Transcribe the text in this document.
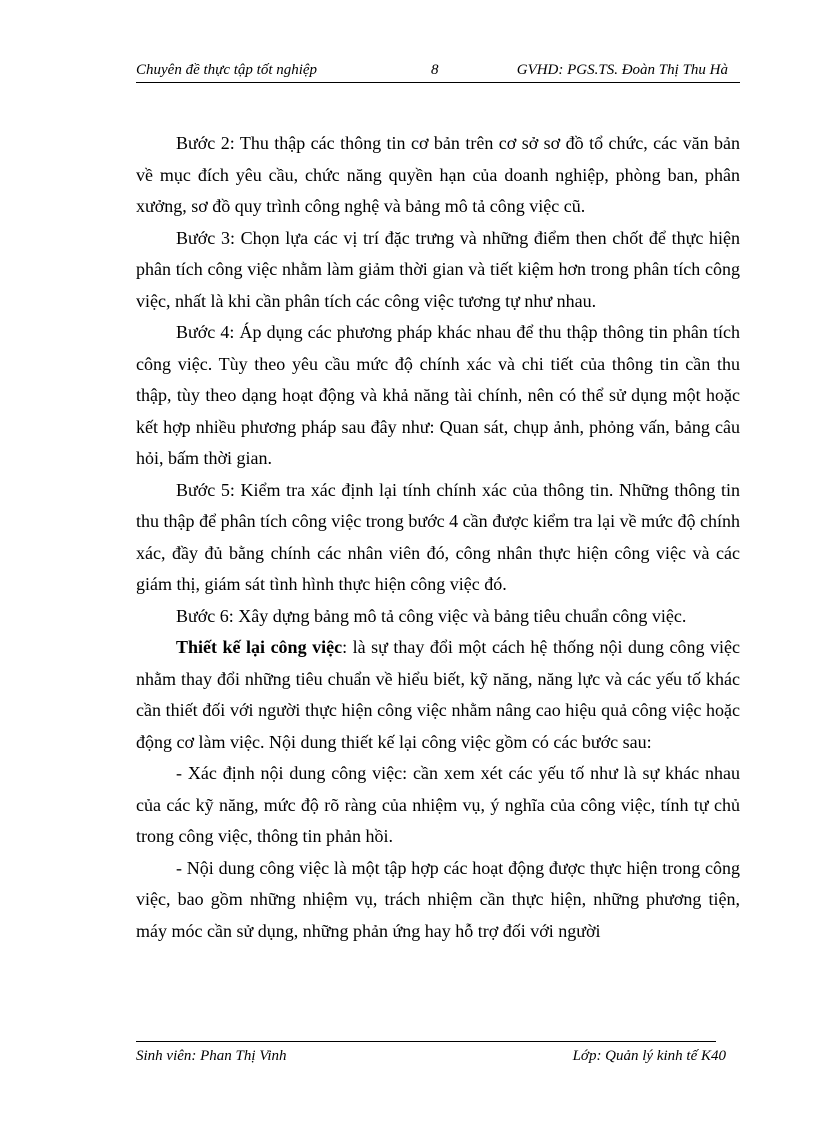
Chuyên đề thực tập tốt nghiệp	8	GVHD: PGS.TS. Đoàn Thị Thu Hà

Bước 2: Thu thập các thông tin cơ bản trên cơ sở sơ đồ tổ chức, các văn bản về mục đích yêu cầu, chức năng quyền hạn của doanh nghiệp, phòng ban, phân xưởng, sơ đồ quy trình công nghệ và bảng mô tả công việc cũ.

Bước 3: Chọn lựa các vị trí đặc trưng và những điểm then chốt để thực hiện phân tích công việc nhằm làm giảm thời gian và tiết kiệm hơn trong phân tích công việc, nhất là khi cần phân tích các công việc tương tự như nhau.

Bước 4: Áp dụng các phương pháp khác nhau để thu thập thông tin phân tích công việc. Tùy theo yêu cầu mức độ chính xác và chi tiết của thông tin cần thu thập, tùy theo dạng hoạt động và khả năng tài chính, nên có thể sử dụng một hoặc kết hợp nhiều phương pháp sau đây như: Quan sát, chụp ảnh, phỏng vấn, bảng câu hỏi, bấm thời gian.

Bước 5: Kiểm tra xác định lại tính chính xác của thông tin. Những thông tin thu thập để phân tích công việc trong bước 4 cần được kiểm tra lại về mức độ chính xác, đầy đủ bằng chính các nhân viên đó, công nhân thực hiện công việc và các giám thị, giám sát tình hình thực hiện công việc đó.

Bước 6: Xây dựng bảng mô tả công việc và bảng tiêu chuẩn công việc.

Thiết kế lại công việc: là sự thay đổi một cách hệ thống nội dung công việc nhằm thay đổi những tiêu chuẩn về hiểu biết, kỹ năng, năng lực và các yếu tố khác cần thiết đối với người thực hiện công việc nhằm nâng cao hiệu quả công việc hoặc động cơ làm việc. Nội dung thiết kế lại công việc gồm có các bước sau:

- Xác định nội dung công việc: cần xem xét các yếu tố như là sự khác nhau của các kỹ năng, mức độ rõ ràng của nhiệm vụ, ý nghĩa của công việc, tính tự chủ trong công việc, thông tin phản hồi.

- Nội dung công việc là một tập hợp các hoạt động được thực hiện trong công việc, bao gồm những nhiệm vụ, trách nhiệm cần thực hiện, những phương tiện, máy móc cần sử dụng, những phản ứng hay hỗ trợ đối với người

Sinh viên: Phan Thị Vinh	Lớp: Quản lý kinh tế K40
